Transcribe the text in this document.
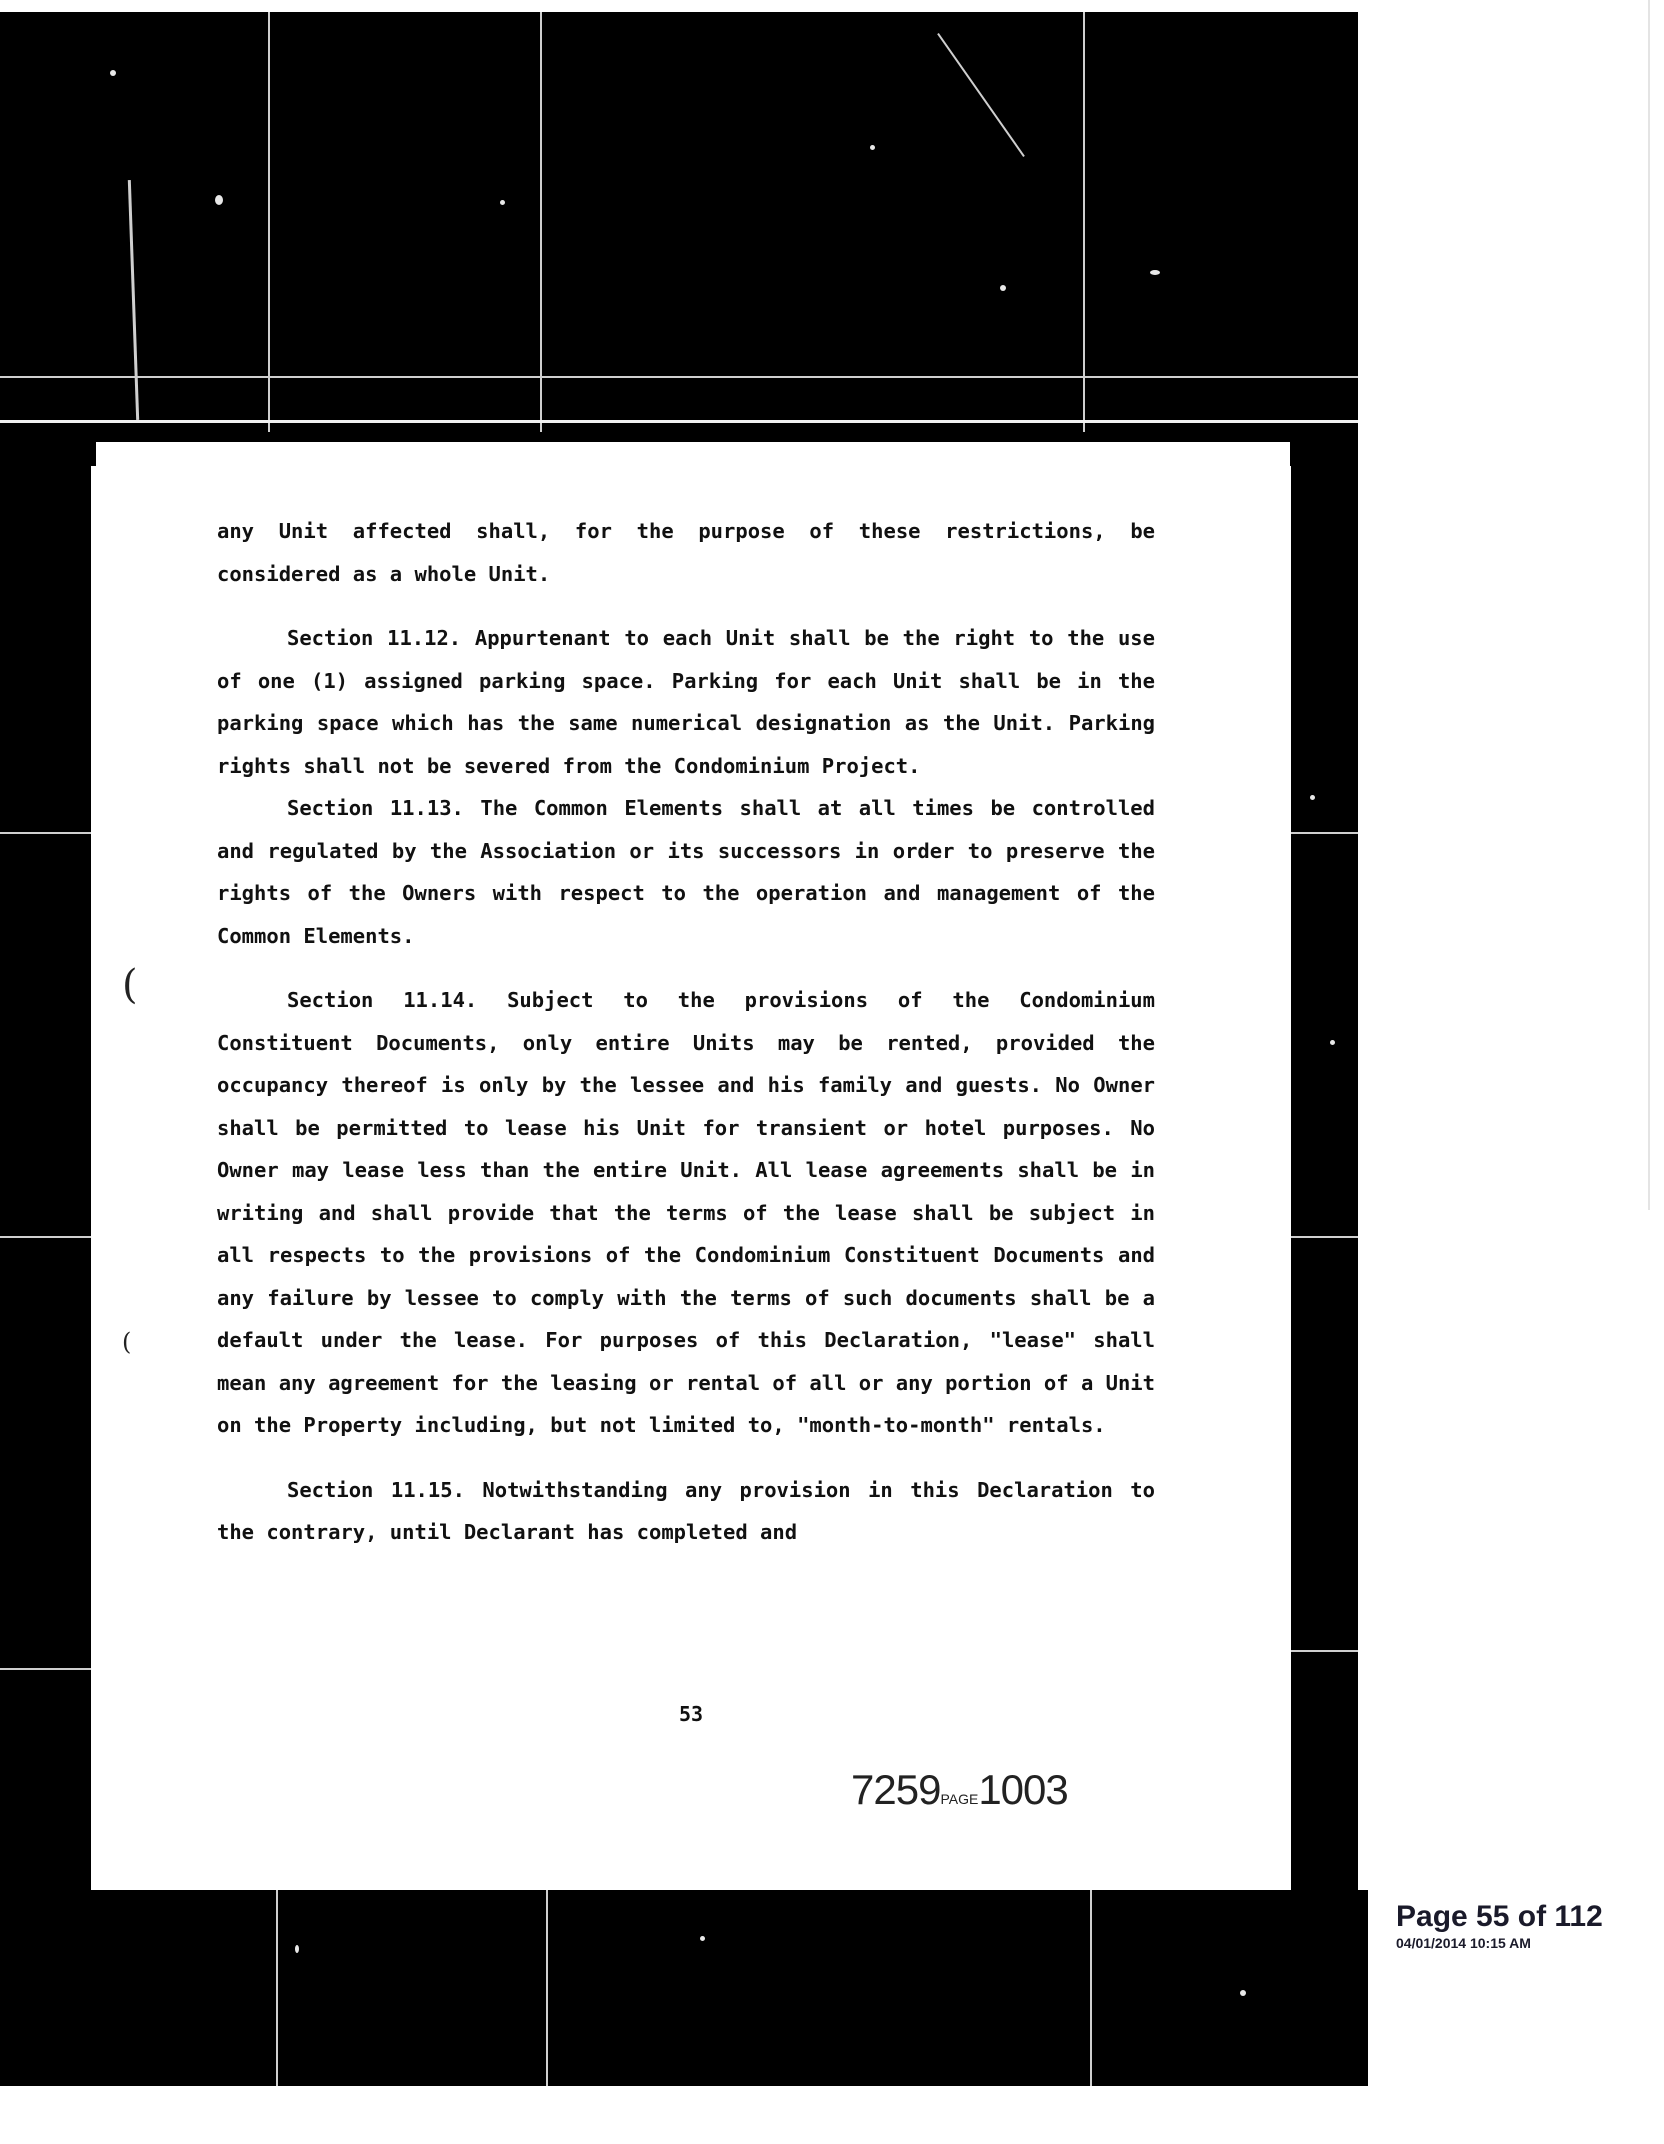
any Unit affected shall, for the purpose of these restrictions, be considered as a whole Unit.

Section 11.12. Appurtenant to each Unit shall be the right to the use of one (1) assigned parking space. Parking for each Unit shall be in the parking space which has the same numerical designation as the Unit. Parking rights shall not be severed from the Condominium Project.

Section 11.13. The Common Elements shall at all times be controlled and regulated by the Association or its successors in order to preserve the rights of the Owners with respect to the operation and management of the Common Elements.

Section 11.14. Subject to the provisions of the Condominium Constituent Documents, only entire Units may be rented, provided the occupancy thereof is only by the lessee and his family and guests. No Owner shall be permitted to lease his Unit for transient or hotel purposes. No Owner may lease less than the entire Unit. All lease agreements shall be in writing and shall provide that the terms of the lease shall be subject in all respects to the provisions of the Condominium Constituent Documents and any failure by lessee to comply with the terms of such documents shall be a default under the lease. For purposes of this Declaration, "lease" shall mean any agreement for the leasing or rental of all or any portion of a Unit on the Property including, but not limited to, "month-to-month" rentals.

Section 11.15. Notwithstanding any provision in this Declaration to the contrary, until Declarant has completed and

53
7259PAGE1003
(
(
Page 55 of 112
04/01/2014 10:15 AM
